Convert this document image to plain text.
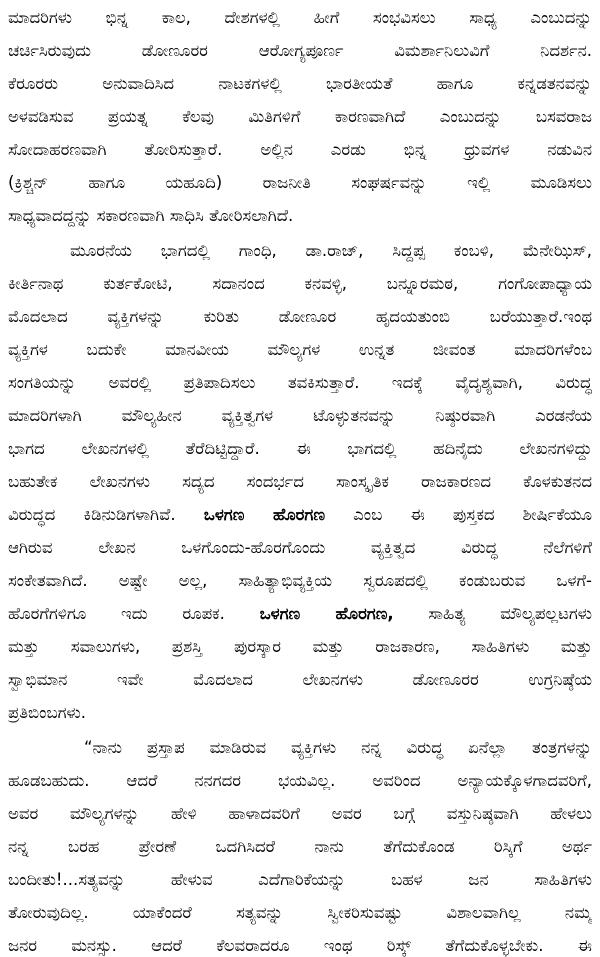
ಮಾದರಿಗಳು ಭಿನ್ನ ಕಾಲ, ದೇಶಗಳಲ್ಲಿ ಹೀಗೆ ಸಂಭವಿಸಲು ಸಾಧ್ಯ ಎಂಬುದನ್ನು
ಚರ್ಚಿಸಿರುವುದು ಡೋಣೂರರ ಆರೋಗ್ಯಪೂರ್ಣ ವಿಮರ್ಶಾನಿಲುವಿಗೆ ನಿದರ್ಶನ.
ಕೆರೂರರು ಅನುವಾದಿಸಿದ ನಾಟಕಗಳಲ್ಲಿ ಭಾರತೀಯತೆ ಹಾಗೂ ಕನ್ನಡತನವನ್ನು
ಅಳವಡಿಸುವ ಪ್ರಯತ್ನ ಕೆಲವು ಮಿತಿಗಳಿಗೆ ಕಾರಣವಾಗಿದೆ ಎಂಬುದನ್ನು ಬಸವರಾಜ
ಸೋದಾಹರಣವಾಗಿ ತೋರಿಸುತ್ತಾರೆ. ಅಲ್ಲಿನ ಎರಡು ಭಿನ್ನ ಧ್ರುವಗಳ ನಡುವಿನ
(ಕ್ರಿಶ್ಚನ್ ಹಾಗೂ ಯಹೂದಿ) ರಾಜನೀತಿ ಸಂಘರ್ಷವನ್ನು ಇಲ್ಲಿ ಮೂಡಿಸಲು
ಸಾಧ್ಯವಾದದ್ದನ್ನು ಸಕಾರಣವಾಗಿ ಸಾಧಿಸಿ ತೋರಿಸಲಾಗಿದೆ.
ಮೂರನೆಯ ಭಾಗದಲ್ಲಿ ಗಾಂಧಿ, ಡಾ.ರಾಜ್, ಸಿದ್ದಪ್ಪ ಕಂಬಳಿ, ಮೆನೇಝಿಸ್,
ಕೀರ್ತಿನಾಥ ಕುರ್ತಕೋಟಿ, ಸದಾನಂದ ಕನವಳ್ಳಿ, ಬನ್ನೂರಮಠ, ಗಂಗೋಪಾಧ್ಯಾಯ
ಮೊದಲಾದ ವ್ಯಕ್ತಿಗಳನ್ನು ಕುರಿತು ಡೋಣೂರ ಹೃದಯತುಂಬಿ ಬರೆಯುತ್ತಾರೆ.ಇಂಥ
ವ್ಯಕ್ತಿಗಳ ಬದುಕೇ ಮಾನವೀಯ ಮೌಲ್ಯಗಳ ಉನ್ನತ ಜೀವಂತ ಮಾದರಿಗಳೆಂಬ
ಸಂಗತಿಯನ್ನು ಅವರಲ್ಲಿ ಪ್ರತಿಪಾದಿಸಲು ತವಕಿಸುತ್ತಾರೆ. ಇದಕ್ಕೆ ವೈದೃಶ್ಯವಾಗಿ, ವಿರುದ್ಧ
ಮಾದರಿಗಳಾಗಿ ಮೌಲ್ಯಹೀನ ವ್ಯಕ್ತಿತ್ವಗಳ ಟೊಳ್ಳುತನವನ್ನು ನಿಷ್ಠುರವಾಗಿ ಎರಡನೆಯ
ಭಾಗದ ಲೇಖನಗಳಲ್ಲಿ ತೆರೆದಿಟ್ಟಿದ್ದಾರೆ. ಈ ಭಾಗದಲ್ಲಿ ಹದಿನೈದು ಲೇಖನಗಳಿದ್ದು
ಬಹುತೇಕ ಲೇಖನಗಳು ಸದ್ಯದ ಸಂದರ್ಭದ ಸಾಂಸ್ಕೃತಿಕ ರಾಜಕಾರಣದ ಕೊಳಕುತನದ
ವಿರುದ್ಧದ ಕಿಡಿನುಡಿಗಳಾಗಿವೆ. ಒಳಗಣ ಹೊರಗಣ ಎಂಬ ಈ ಪುಸ್ತಕದ ಶೀರ್ಷಿಕೆಯೂ
ಆಗಿರುವ ಲೇಖನ ಒಳಗೊಂದು-ಹೊರಗೊಂದು ವ್ಯಕ್ತಿತ್ವದ ವಿರುದ್ಧ ನೆಲೆಗಳಿಗೆ
ಸಂಕೇತವಾಗಿದೆ. ಅಷ್ಟೇ ಅಲ್ಲ, ಸಾಹಿತ್ಯಾಭಿವ್ಯಕ್ತಿಯ ಸ್ವರೂಪದಲ್ಲಿ ಕಂಡುಬರುವ ಒಳಗೆ-
ಹೊರಗೆಗಳಿಗೂ ಇದು ರೂಪಕ. ಒಳಗಣ ಹೊರಗಣ, ಸಾಹಿತ್ಯ ಮೌಲ್ಯಪಲ್ಲಟಗಳು
ಮತ್ತು ಸವಾಲುಗಳು, ಪ್ರಶಸ್ತಿ ಪುರಸ್ಕಾರ ಮತ್ತು ರಾಜಕಾರಣ, ಸಾಹಿತಿಗಳು ಮತ್ತು
ಸ್ವಾಭಿಮಾನ ಇವೇ ಮೊದಲಾದ ಲೇಖನಗಳು ಡೋಣೂರರ ಉಗ್ರನಿಷ್ಠೆಯ
ಪ್ರತಿಬಿಂಬಗಳು.
“ನಾನು ಪ್ರಸ್ತಾಪ ಮಾಡಿರುವ ವ್ಯಕ್ತಿಗಳು ನನ್ನ ವಿರುದ್ಧ ಏನೆಲ್ಲಾ ತಂತ್ರಗಳನ್ನು
ಹೂಡಬಹುದು. ಆದರೆ ನನಗದರ ಭಯವಿಲ್ಲ. ಅವರಿಂದ ಅನ್ಯಾಯಕ್ಕೊಳಗಾದವರಿಗೆ,
ಅವರ ಮೌಲ್ಯಗಳನ್ನು ಹೇಳಿ ಹಾಳಾದವರಿಗೆ ಅವರ ಬಗ್ಗೆ ವಸ್ತುನಿಷ್ಠವಾಗಿ ಹೇಳಲು
ನನ್ನ ಬರಹ ಪ್ರೇರಣೆ ಒದಗಿಸಿದರೆ ನಾನು ತೆಗೆದುಕೊಂಡ ರಿಸ್ಕಿಗೆ ಅರ್ಥ
ಬಂದೀತು!...ಸತ್ಯವನ್ನು ಹೇಳುವ ಎದೆಗಾರಿಕೆಯನ್ನು ಬಹಳ ಜನ ಸಾಹಿತಿಗಳು
ತೋರುವುದಿಲ್ಲ. ಯಾಕೆಂದರೆ ಸತ್ಯವನ್ನು ಸ್ವೀಕರಿಸುವಷ್ಟು ವಿಶಾಲವಾಗಿಲ್ಲ ನಮ್ಮ
ಜನರ ಮನಸ್ಸು. ಆದರೆ ಕೆಲವರಾದರೂ ಇಂಥ ರಿಸ್ಕ್ ತೆಗೆದುಕೊಳ್ಳಬೇಕು. ಈ
